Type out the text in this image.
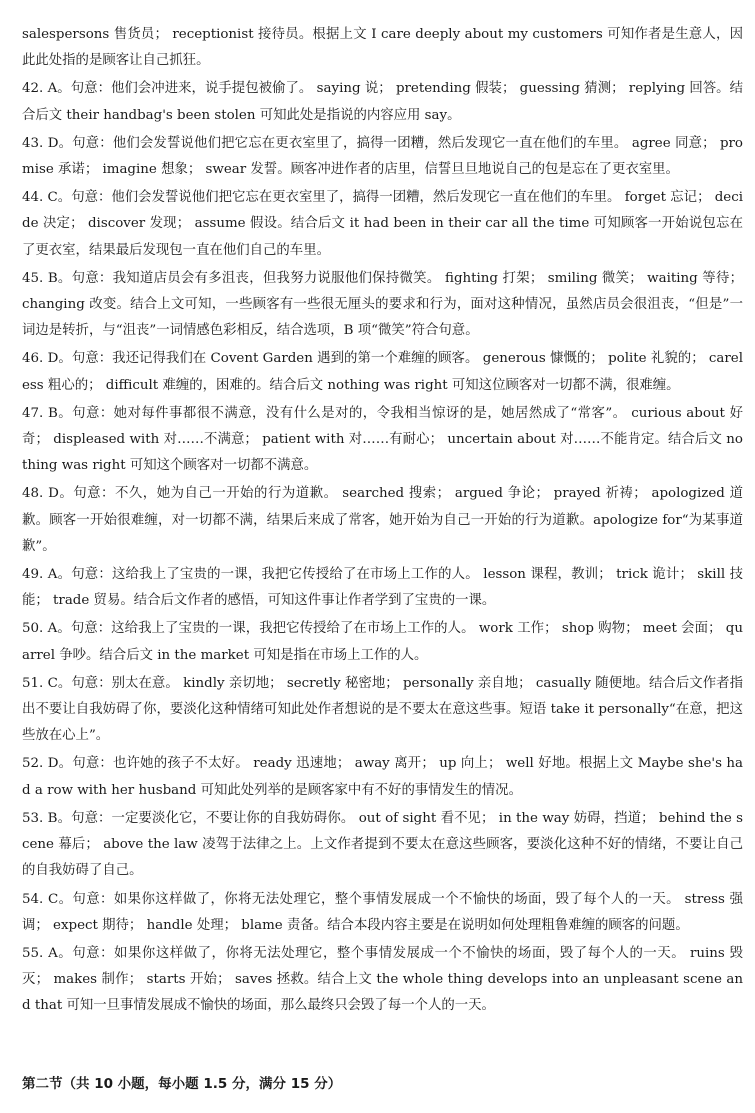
salespersons 售货员； receptionist 接待员。根据上文 I care deeply about my customers 可知作者是生意人，因此此处指的是顾客让自己抓狂。

42. A。句意：他们会冲进来，说手提包被偷了。 saying 说； pretending 假装； guessing 猜测； replying 回答。结合后文 their handbag's been stolen 可知此处是指说的内容应用 say。

43. D。句意：他们会发誓说他们把它忘在更衣室里了，搞得一团糟，然后发现它一直在他们的车里。 agree 同意； promise 承诺； imagine 想象； swear 发誓。顾客冲进作者的店里，信誓旦旦地说自己的包是忘在了更衣室里。

44. C。句意：他们会发誓说他们把它忘在更衣室里了，搞得一团糟，然后发现它一直在他们的车里。 forget 忘记； decide 决定； discover 发现； assume 假设。结合后文 it had been in their car all the time 可知顾客一开始说包忘在了更衣室，结果最后发现包一直在他们自己的车里。

45. B。句意：我知道店员会有多沮丧，但我努力说服他们保持微笑。 fighting 打架； smiling 微笑； waiting 等待； changing 改变。结合上文可知，一些顾客有一些很无厘头的要求和行为，面对这种情况，虽然店员会很沮丧，“但是”一词边是转折，与“沮丧”一词情感色彩相反，结合选项，B 项“微笑”符合句意。

46. D。句意：我还记得我们在 Covent Garden 遇到的第一个难缠的顾客。 generous 慷慨的； polite 礼貌的； careless 粗心的； difficult 难缠的，困难的。结合后文 nothing was right 可知这位顾客对一切都不满，很难缠。

47. B。句意：她对每件事都很不满意，没有什么是对的，令我相当惊讶的是，她居然成了“常客”。 curious about 好奇； displeased with 对……不满意； patient with 对……有耐心； uncertain about 对……不能肯定。结合后文 nothing was right 可知这个顾客对一切都不满意。

48. D。句意：不久，她为自己一开始的行为道歉。 searched 搜索； argued 争论； prayed 祈祷； apologized 道歉。顾客一开始很难缠，对一切都不满，结果后来成了常客，她开始为自己一开始的行为道歉。apologize for“为某事道歉”。

49. A。句意：这给我上了宝贵的一课，我把它传授给了在市场上工作的人。 lesson 课程，教训； trick 诡计； skill 技能； trade 贸易。结合后文作者的感悟，可知这件事让作者学到了宝贵的一课。

50. A。句意：这给我上了宝贵的一课，我把它传授给了在市场上工作的人。 work 工作； shop 购物； meet 会面； quarrel 争吵。结合后文 in the market 可知是指在市场上工作的人。

51. C。句意：别太在意。 kindly 亲切地； secretly 秘密地； personally 亲自地； casually 随便地。结合后文作者指出不要让自我妨碍了你，要淡化这种情绪可知此处作者想说的是不要太在意这些事。短语 take it personally“在意，把这些放在心上”。

52. D。句意：也许她的孩子不太好。 ready 迅速地； away 离开； up 向上； well 好地。根据上文 Maybe she's had a row with her husband 可知此处列举的是顾客家中有不好的事情发生的情况。

53. B。句意：一定要淡化它，不要让你的自我妨碍你。 out of sight 看不见； in the way 妨碍，挡道； behind the scene 幕后； above the law 凌驾于法律之上。上文作者提到不要太在意这些顾客，要淡化这种不好的情绪，不要让自己的自我妨碍了自己。

54. C。句意：如果你这样做了，你将无法处理它，整个事情发展成一个不愉快的场面，毁了每个人的一天。 stress 强调； expect 期待； handle 处理； blame 责备。结合本段内容主要是在说明如何处理粗鲁难缠的顾客的问题。

55. A。句意：如果你这样做了，你将无法处理它，整个事情发展成一个不愉快的场面，毁了每个人的一天。 ruins 毁灭； makes 制作； starts 开始； saves 拯救。结合上文 the whole thing develops into an unpleasant scene and that 可知一旦事情发展成不愉快的场面，那么最终只会毁了每一个人的一天。

第二节（共 10 小题，每小题 1.5 分，满分 15 分）
